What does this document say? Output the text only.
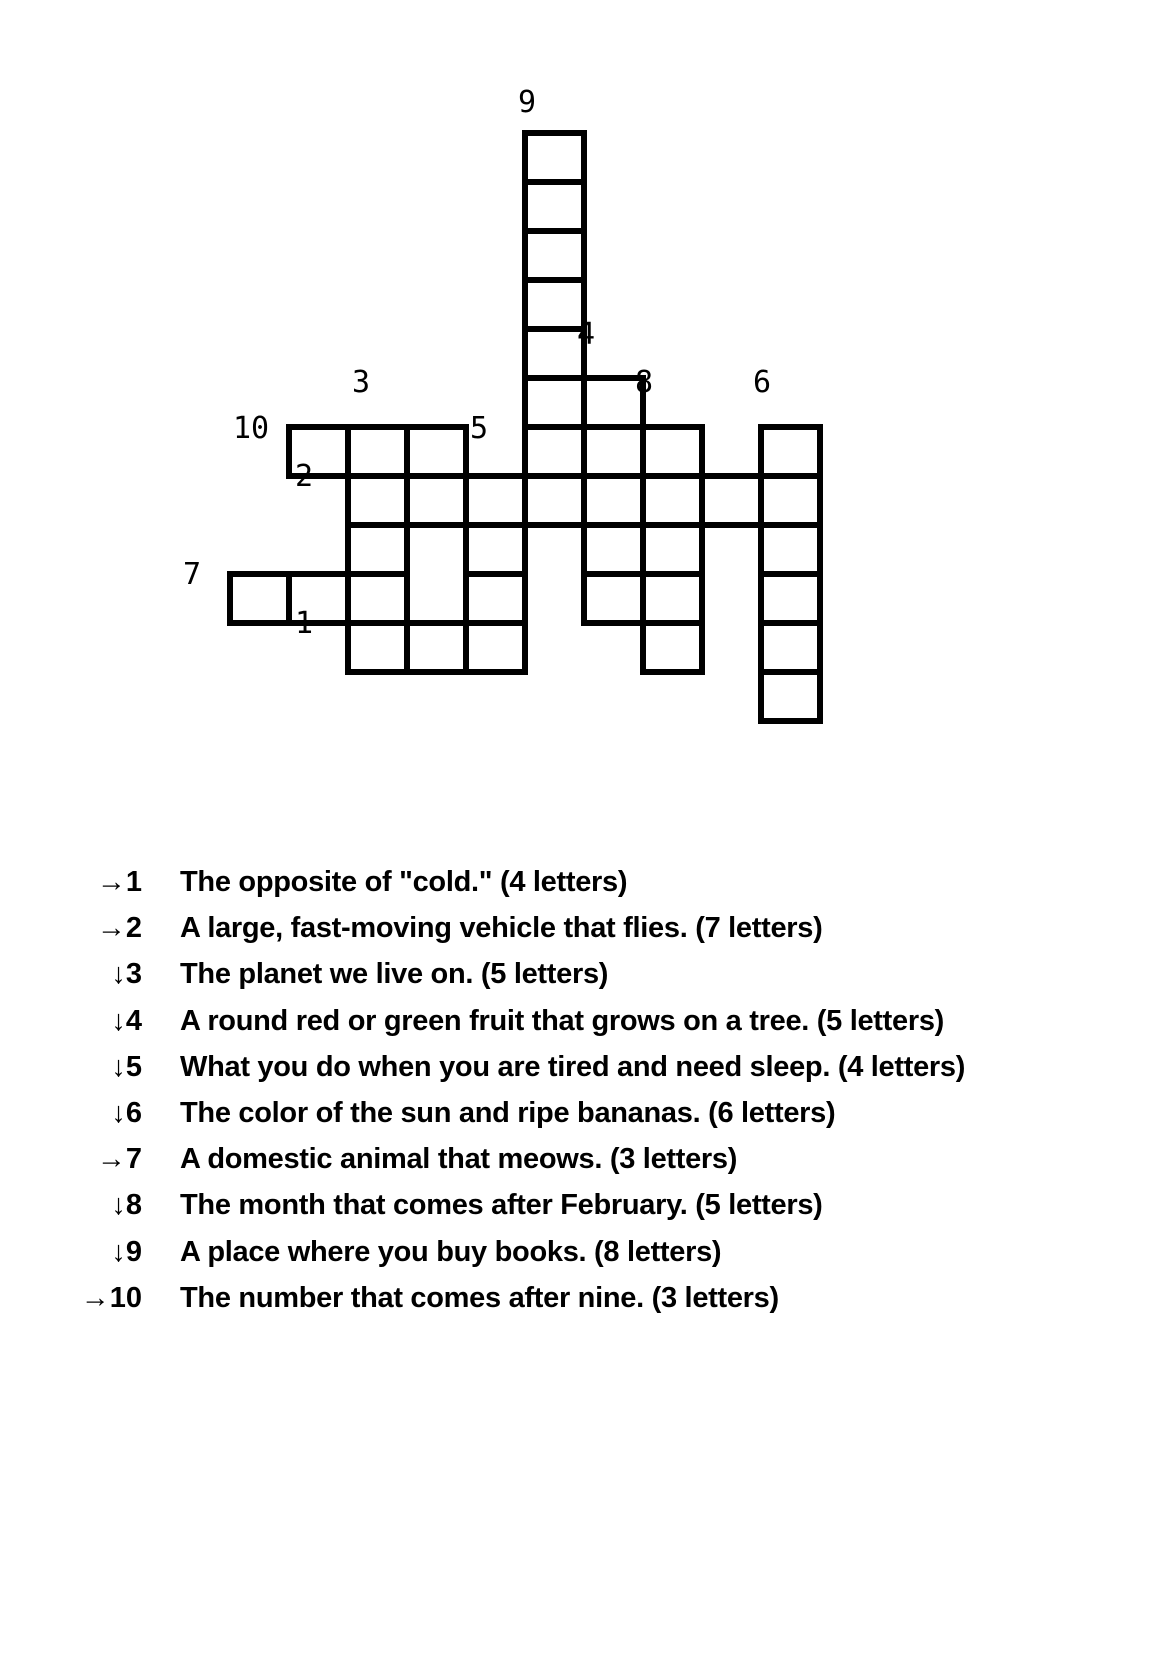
9
4
3	8	6
10	5
2
7
1
→1 The opposite of "cold." (4 letters)
→2 A large, fast-moving vehicle that flies. (7 letters)
↓3 The planet we live on. (5 letters)
↓4 A round red or green fruit that grows on a tree. (5 letters)
↓5 What you do when you are tired and need sleep. (4 letters)
↓6 The color of the sun and ripe bananas. (6 letters)
→7 A domestic animal that meows. (3 letters)
↓8 The month that comes after February. (5 letters)
↓9 A place where you buy books. (8 letters)
→10 The number that comes after nine. (3 letters)
